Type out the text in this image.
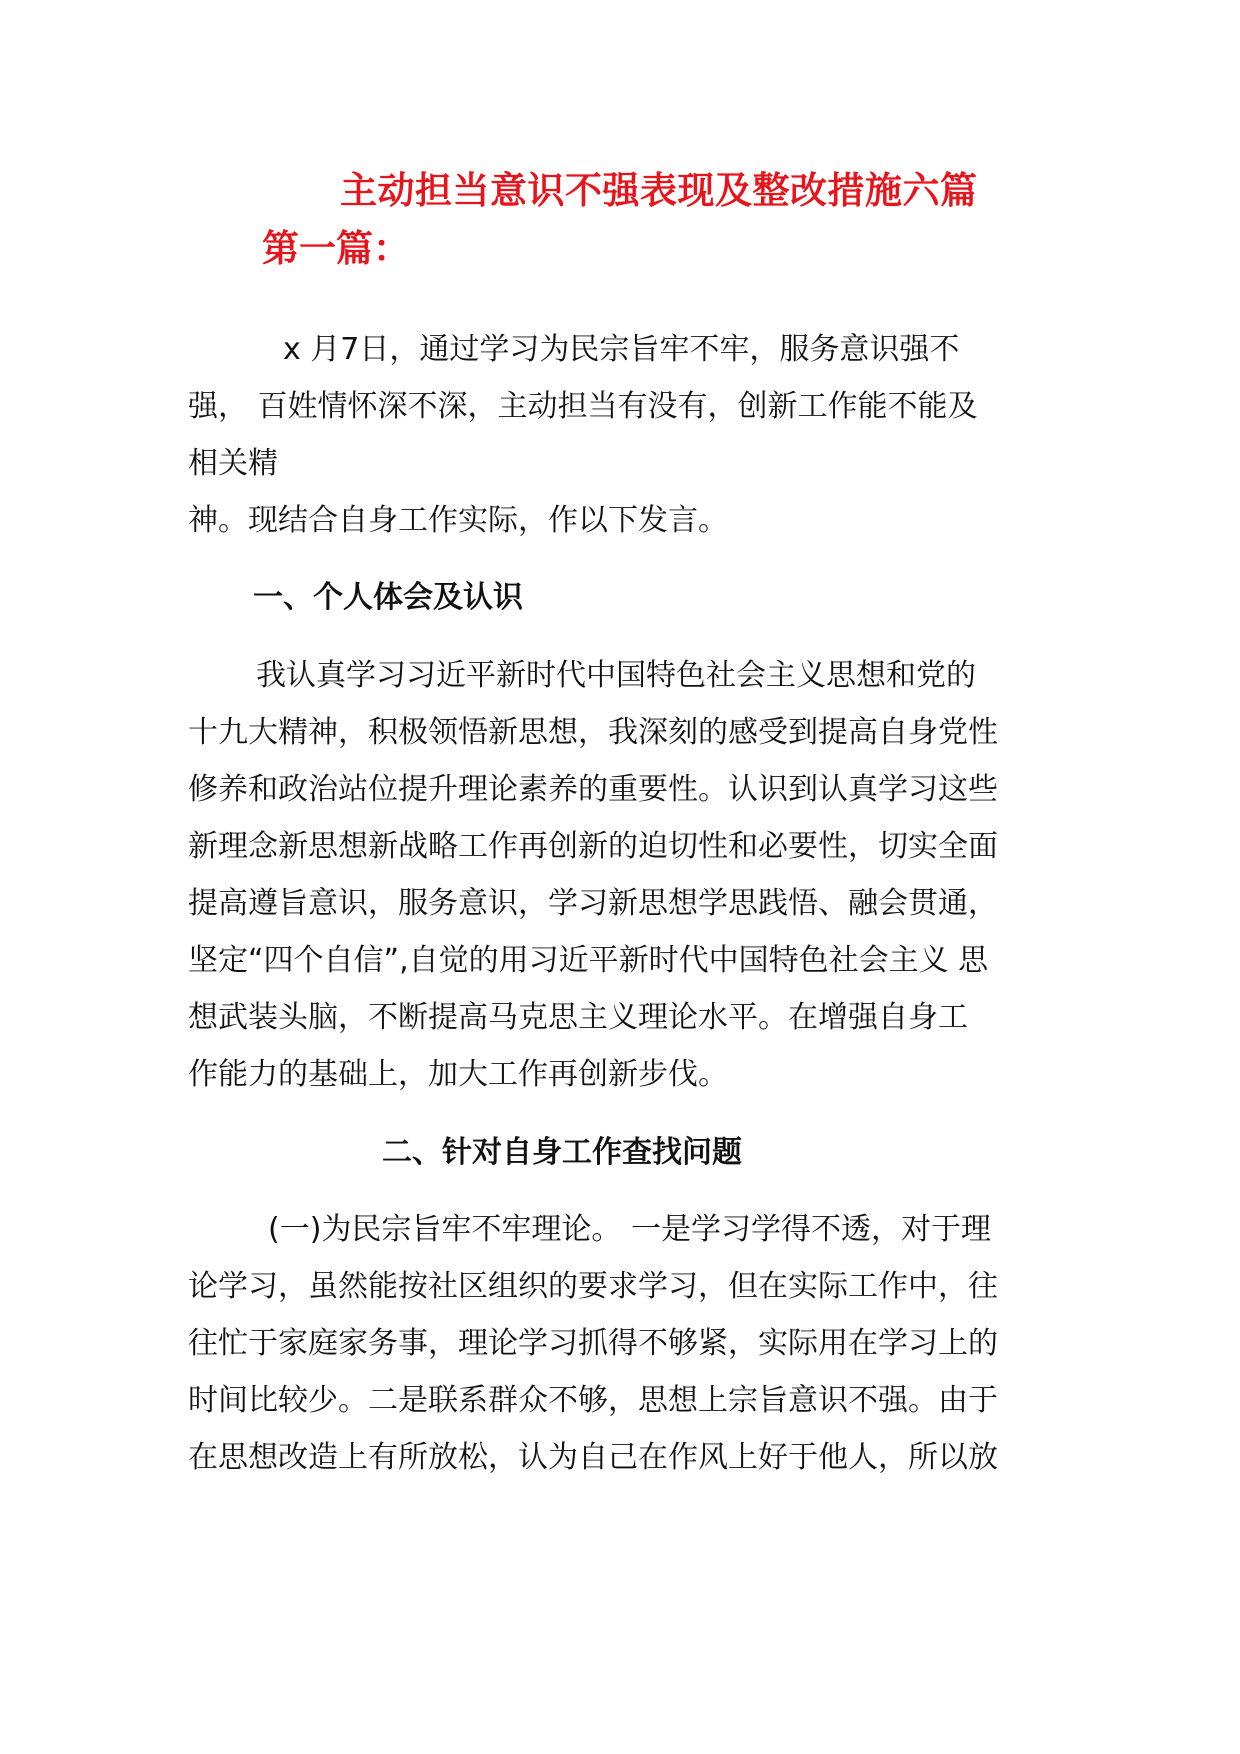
主动担当意识不强表现及整改措施六篇
第一篇：
x 月7日，通过学习为民宗旨牢不牢，服务意识强不
强， 百姓情怀深不深，主动担当有没有，创新工作能不能及
相关精
神。现结合自身工作实际，作以下发言。
一、个人体会及认识
我认真学习习近平新时代中国特色社会主义思想和党的
十九大精神，积极领悟新思想，我深刻的感受到提高自身党性
修养和政治站位提升理论素养的重要性。认识到认真学习这些
新理念新思想新战略工作再创新的迫切性和必要性，切实全面
提高遵旨意识，服务意识，学习新思想学思践悟、融会贯通，
坚定“四个自信”,自觉的用习近平新时代中国特色社会主义 思
想武装头脑，不断提高马克思主义理论水平。在增强自身工
作能力的基础上，加大工作再创新步伐。
二、针对自身工作查找问题
(一)为民宗旨牢不牢理论。 一是学习学得不透，对于理
论学习，虽然能按社区组织的要求学习，但在实际工作中，往
往忙于家庭家务事，理论学习抓得不够紧，实际用在学习上的
时间比较少。二是联系群众不够，思想上宗旨意识不强。由于
在思想改造上有所放松，认为自己在作风上好于他人，所以放
